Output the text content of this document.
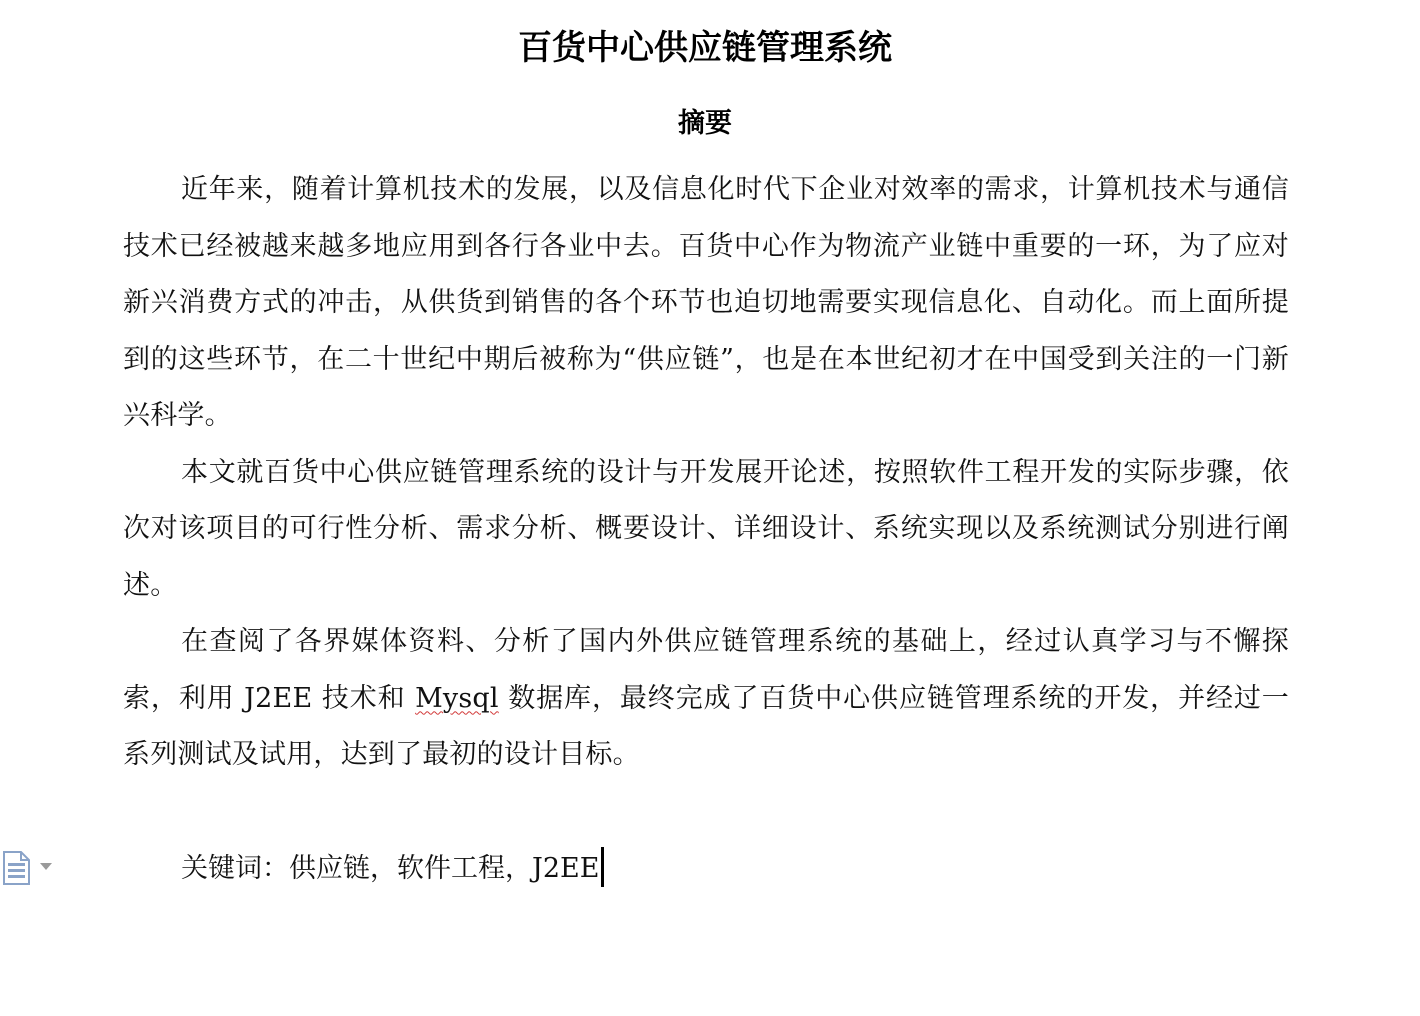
百货中心供应链管理系统
摘要

近年来，随着计算机技术的发展，以及信息化时代下企业对效率的需求，计算机技术与通信技术已经被越来越多地应用到各行各业中去。百货中心作为物流产业链中重要的一环，为了应对新兴消费方式的冲击，从供货到销售的各个环节也迫切地需要实现信息化、自动化。而上面所提到的这些环节，在二十世纪中期后被称为“供应链”，也是在本世纪初才在中国受到关注的一门新兴科学。

本文就百货中心供应链管理系统的设计与开发展开论述，按照软件工程开发的实际步骤，依次对该项目的可行性分析、需求分析、概要设计、详细设计、系统实现以及系统测试分别进行阐述。

在查阅了各界媒体资料、分析了国内外供应链管理系统的基础上，经过认真学习与不懈探索，利用 J2EE 技术和 Mysql 数据库，最终完成了百货中心供应链管理系统的开发，并经过一系列测试及试用，达到了最初的设计目标。

关键词：供应链，软件工程，J2EE
